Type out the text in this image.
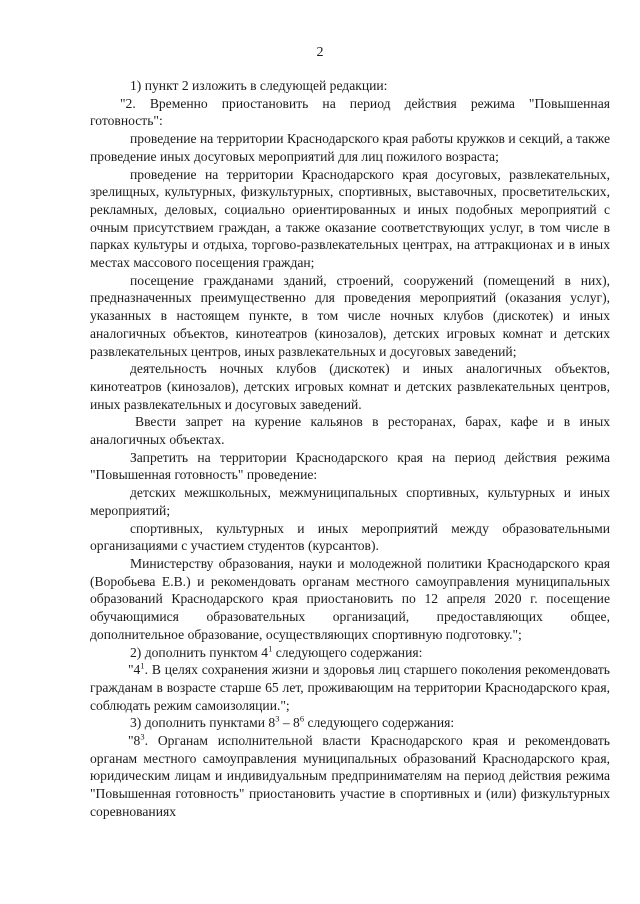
2

1) пункт 2 изложить в следующей редакции:

"2. Временно приостановить на период действия режима "Повышенная готовность":

проведение на территории Краснодарского края работы кружков и секций, а также проведение иных досуговых мероприятий для лиц пожилого возраста;

проведение на территории Краснодарского края досуговых, развлекательных, зрелищных, культурных, физкультурных, спортивных, выставочных, просветительских, рекламных, деловых, социально ориентированных и иных подобных мероприятий с очным присутствием граждан, а также оказание соответствующих услуг, в том числе в парках культуры и отдыха, торгово-развлекательных центрах, на аттракционах и в иных местах массового посещения граждан;

посещение гражданами зданий, строений, сооружений (помещений в них), предназначенных преимущественно для проведения мероприятий (оказания услуг), указанных в настоящем пункте, в том числе ночных клубов (дискотек) и иных аналогичных объектов, кинотеатров (кинозалов), детских игровых комнат и детских развлекательных центров, иных развлекательных и досуговых заведений;

деятельность ночных клубов (дискотек) и иных аналогичных объектов, кинотеатров (кинозалов), детских игровых комнат и детских развлекательных центров, иных развлекательных и досуговых заведений.

Ввести запрет на курение кальянов в ресторанах, барах, кафе и в иных аналогичных объектах.

Запретить на территории Краснодарского края на период действия режима "Повышенная готовность" проведение:

детских межшкольных, межмуниципальных спортивных, культурных и иных мероприятий;

спортивных, культурных и иных мероприятий между образовательными организациями с участием студентов (курсантов).

Министерству образования, науки и молодежной политики Краснодарского края (Воробьева Е.В.) и рекомендовать органам местного самоуправления муниципальных образований Краснодарского края приостановить по 12 апреля 2020 г. посещение обучающимися образовательных организаций, предоставляющих общее, дополнительное образование, осуществляющих спортивную подготовку.";

2) дополнить пунктом $4^1$ следующего содержания:

"$4^1$. В целях сохранения жизни и здоровья лиц старшего поколения рекомендовать гражданам в возрасте старше 65 лет, проживающим на территории Краснодарского края, соблюдать режим самоизоляции.";

3) дополнить пунктами $8^3 - 8^6$ следующего содержания:

"$8^3$. Органам исполнительной власти Краснодарского края и рекомендовать органам местного самоуправления муниципальных образований Краснодарского края, юридическим лицам и индивидуальным предпринимателям на период действия режима "Повышенная готовность" приостановить участие в спортивных и (или) физкультурных соревнованиях
